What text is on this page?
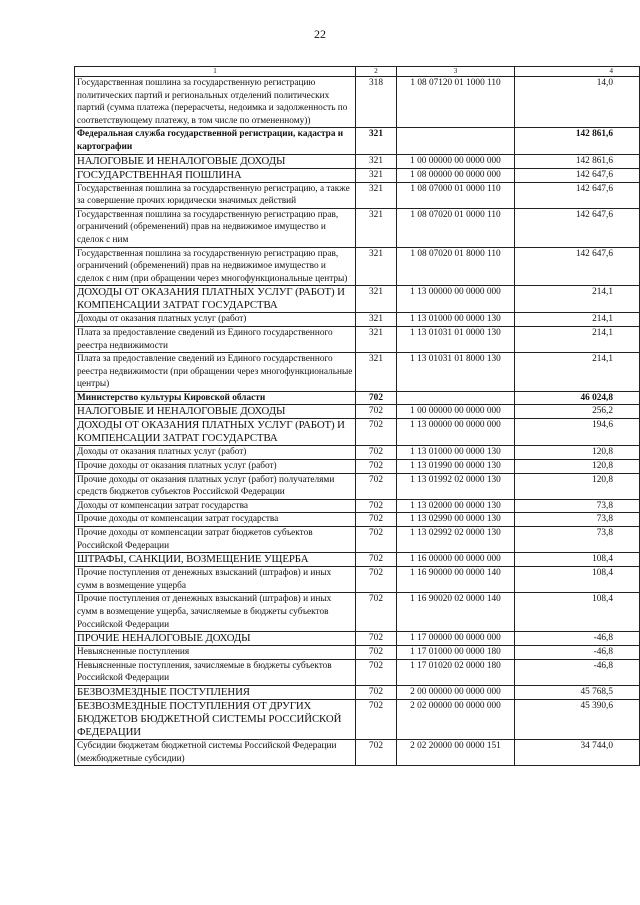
22
1	2	3	4
Государственная пошлина за государственную регистрацию политических партий и региональных отделений политических партий (сумма платежа (перерасчеты, недоимка и задолженность по соответствующему платежу, в том числе по отмененному))	318	1 08 07120 01 1000 110	14,0
Федеральная служба государственной регистрации, кадастра и картографии	321		142 861,6
НАЛОГОВЫЕ И НЕНАЛОГОВЫЕ ДОХОДЫ	321	1 00 00000 00 0000 000	142 861,6
ГОСУДАРСТВЕННАЯ ПОШЛИНА	321	1 08 00000 00 0000 000	142 647,6
Государственная пошлина за государственную регистрацию, а также за совершение прочих юридически значимых действий	321	1 08 07000 01 0000 110	142 647,6
Государственная пошлина за государственную регистрацию прав, ограничений (обременений) прав на недвижимое имущество и сделок с ним	321	1 08 07020 01 0000 110	142 647,6
Государственная пошлина за государственную регистрацию прав, ограничений (обременений) прав на недвижимое имущество и сделок с ним (при обращении через многофункциональные центры)	321	1 08 07020 01 8000 110	142 647,6
ДОХОДЫ ОТ ОКАЗАНИЯ ПЛАТНЫХ УСЛУГ (РАБОТ) И КОМПЕНСАЦИИ ЗАТРАТ ГОСУДАРСТВА	321	1 13 00000 00 0000 000	214,1
Доходы от оказания платных услуг (работ)	321	1 13 01000 00 0000 130	214,1
Плата за предоставление сведений из Единого государственного реестра недвижимости	321	1 13 01031 01 0000 130	214,1
Плата за предоставление сведений из Единого государственного реестра недвижимости (при обращении через многофункциональные центры)	321	1 13 01031 01 8000 130	214,1
Министерство культуры Кировской области	702		46 024,8
НАЛОГОВЫЕ И НЕНАЛОГОВЫЕ ДОХОДЫ	702	1 00 00000 00 0000 000	256,2
ДОХОДЫ ОТ ОКАЗАНИЯ ПЛАТНЫХ УСЛУГ (РАБОТ) И КОМПЕНСАЦИИ ЗАТРАТ ГОСУДАРСТВА	702	1 13 00000 00 0000 000	194,6
Доходы от оказания платных услуг (работ)	702	1 13 01000 00 0000 130	120,8
Прочие доходы от оказания платных услуг (работ)	702	1 13 01990 00 0000 130	120,8
Прочие доходы от оказания платных услуг (работ) получателями средств бюджетов субъектов Российской Федерации	702	1 13 01992 02 0000 130	120,8
Доходы от компенсации затрат государства	702	1 13 02000 00 0000 130	73,8
Прочие доходы от компенсации затрат государства	702	1 13 02990 00 0000 130	73,8
Прочие доходы от компенсации затрат бюджетов субъектов Российской Федерации	702	1 13 02992 02 0000 130	73,8
ШТРАФЫ, САНКЦИИ, ВОЗМЕЩЕНИЕ УЩЕРБА	702	1 16 00000 00 0000 000	108,4
Прочие поступления от денежных взысканий (штрафов) и иных сумм в возмещение ущерба	702	1 16 90000 00 0000 140	108,4
Прочие поступления от денежных взысканий (штрафов) и иных сумм в возмещение ущерба, зачисляемые в бюджеты субъектов Российской Федерации	702	1 16 90020 02 0000 140	108,4
ПРОЧИЕ НЕНАЛОГОВЫЕ ДОХОДЫ	702	1 17 00000 00 0000 000	-46,8
Невыясненные поступления	702	1 17 01000 00 0000 180	-46,8
Невыясненные поступления, зачисляемые в бюджеты субъектов Российской Федерации	702	1 17 01020 02 0000 180	-46,8
БЕЗВОЗМЕЗДНЫЕ ПОСТУПЛЕНИЯ	702	2 00 00000 00 0000 000	45 768,5
БЕЗВОЗМЕЗДНЫЕ ПОСТУПЛЕНИЯ ОТ ДРУГИХ БЮДЖЕТОВ БЮДЖЕТНОЙ СИСТЕМЫ РОССИЙСКОЙ ФЕДЕРАЦИИ	702	2 02 00000 00 0000 000	45 390,6
Субсидии бюджетам бюджетной системы Российской Федерации (межбюджетные субсидии)	702	2 02 20000 00 0000 151	34 744,0
